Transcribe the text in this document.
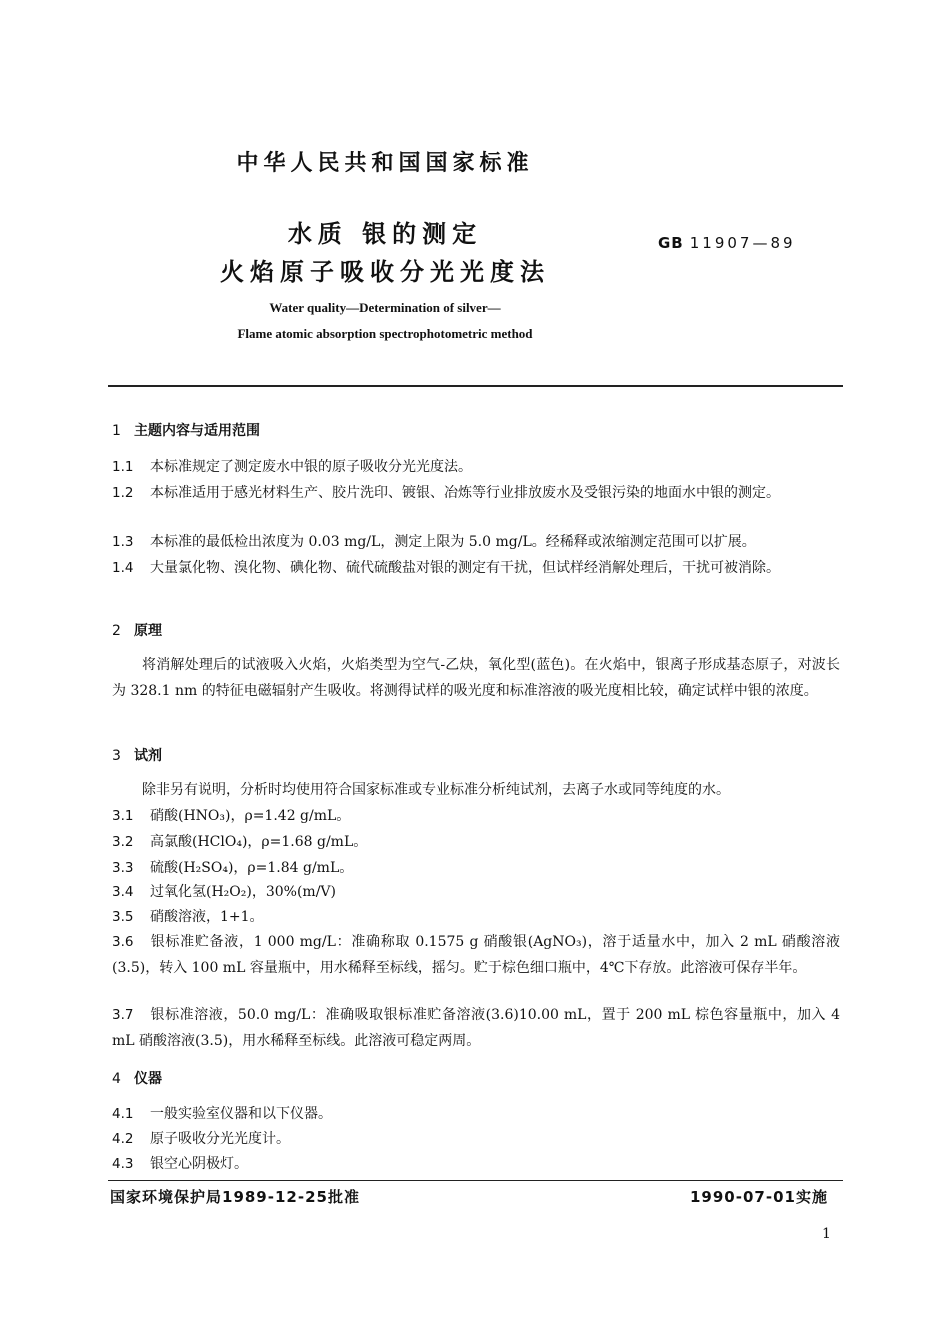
中华人民共和国国家标准
水质 银的测定
火焰原子吸收分光光度法
GB 11907—89
Water quality—Determination of silver—
Flame atomic absorption spectrophotometric method
1 主题内容与适用范围
1.1 本标准规定了测定废水中银的原子吸收分光光度法。
1.2 本标准适用于感光材料生产、胶片洗印、镀银、冶炼等行业排放废水及受银污染的地面水中银的测定。
1.3 本标准的最低检出浓度为 0.03 mg/L，测定上限为 5.0 mg/L。经稀释或浓缩测定范围可以扩展。
1.4 大量氯化物、溴化物、碘化物、硫代硫酸盐对银的测定有干扰，但试样经消解处理后，干扰可被消除。
2 原理
将消解处理后的试液吸入火焰，火焰类型为空气-乙炔，氧化型(蓝色)。在火焰中，银离子形成基态原子，对波长为 328.1 nm 的特征电磁辐射产生吸收。将测得试样的吸光度和标准溶液的吸光度相比较，确定试样中银的浓度。
3 试剂
除非另有说明，分析时均使用符合国家标准或专业标准分析纯试剂，去离子水或同等纯度的水。
3.1 硝酸(HNO₃)，ρ=1.42 g/mL。
3.2 高氯酸(HClO₄)，ρ=1.68 g/mL。
3.3 硫酸(H₂SO₄)，ρ=1.84 g/mL。
3.4 过氧化氢(H₂O₂)，30%(m/V)
3.5 硝酸溶液，1+1。
3.6 银标准贮备液，1 000 mg/L：准确称取 0.1575 g 硝酸银(AgNO₃)，溶于适量水中，加入 2 mL 硝酸溶液(3.5)，转入 100 mL 容量瓶中，用水稀释至标线，摇匀。贮于棕色细口瓶中，4℃下存放。此溶液可保存半年。
3.7 银标准溶液，50.0 mg/L：准确吸取银标准贮备溶液(3.6)10.00 mL，置于 200 mL 棕色容量瓶中，加入 4 mL 硝酸溶液(3.5)，用水稀释至标线。此溶液可稳定两周。
4 仪器
4.1 一般实验室仪器和以下仪器。
4.2 原子吸收分光光度计。
4.3 银空心阴极灯。
国家环境保护局1989-12-25批准	1990-07-01实施
1
